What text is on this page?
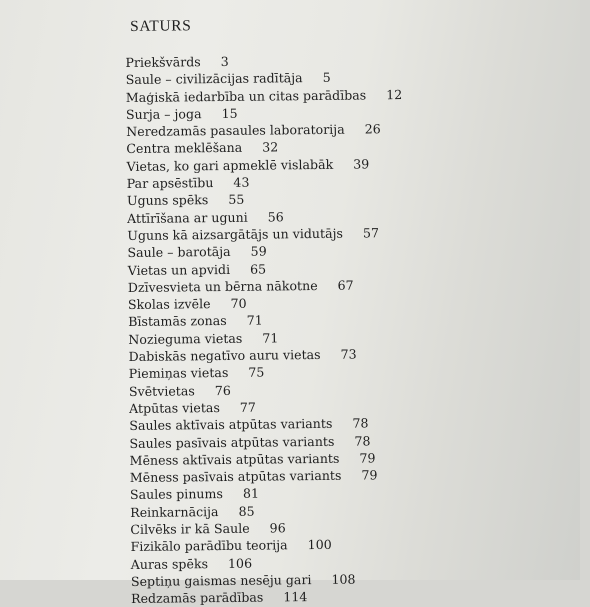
SATURS
Priekšvārds 3
Saule – civilizācijas radītāja 5
Maģiskā iedarbība un citas parādības 12
Surja – joga 15
Neredzamās pasaules laboratorija 26
Centra meklēšana 32
Vietas, ko gari apmeklē vislabāk 39
Par apsēstību 43
Uguns spēks 55
Attīrīšana ar uguni 56
Uguns kā aizsargātājs un vidutājs 57
Saule – barotāja 59
Vietas un apvidi 65
Dzīvesvieta un bērna nākotne 67
Skolas izvēle 70
Bīstamās zonas 71
Nozieguma vietas 71
Dabiskās negatīvo auru vietas 73
Piemiņas vietas 75
Svētvietas 76
Atpūtas vietas 77
Saules aktīvais atpūtas variants 78
Saules pasīvais atpūtas variants 78
Mēness aktīvais atpūtas variants 79
Mēness pasīvais atpūtas variants 79
Saules pinums 81
Reinkarnācija 85
Cilvēks ir kā Saule 96
Fizikālo parādību teorija 100
Auras spēks 106
Septiņu gaismas nesēju gari 108
Redzamās parādības 114
